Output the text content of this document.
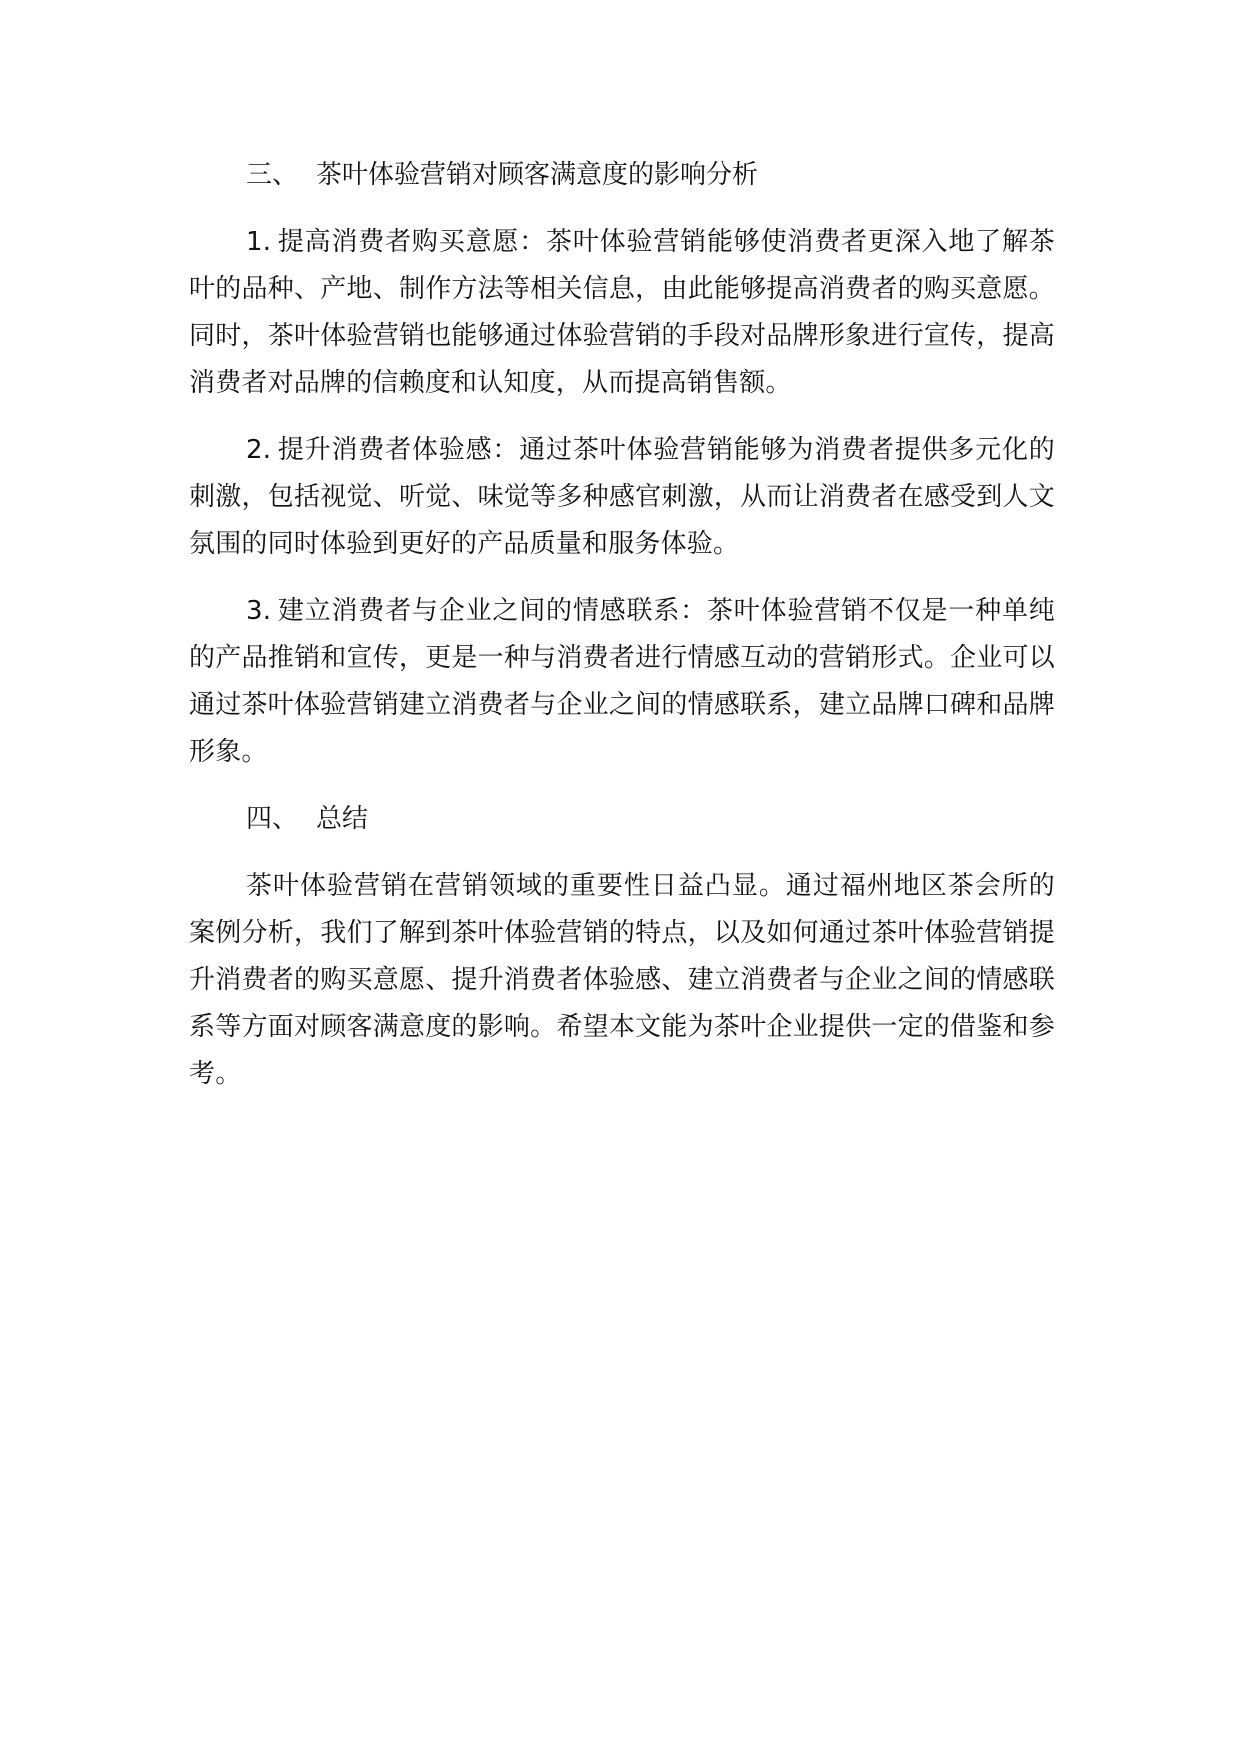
三、 茶叶体验营销对顾客满意度的影响分析

1. 提高消费者购买意愿：茶叶体验营销能够使消费者更深入地了解茶叶的品种、产地、制作方法等相关信息，由此能够提高消费者的购买意愿。同时，茶叶体验营销也能够通过体验营销的手段对品牌形象进行宣传，提高消费者对品牌的信赖度和认知度，从而提高销售额。

2. 提升消费者体验感：通过茶叶体验营销能够为消费者提供多元化的刺激，包括视觉、听觉、味觉等多种感官刺激，从而让消费者在感受到人文氛围的同时体验到更好的产品质量和服务体验。

3. 建立消费者与企业之间的情感联系：茶叶体验营销不仅是一种单纯的产品推销和宣传，更是一种与消费者进行情感互动的营销形式。企业可以通过茶叶体验营销建立消费者与企业之间的情感联系，建立品牌口碑和品牌形象。

四、 总结

茶叶体验营销在营销领域的重要性日益凸显。通过福州地区茶会所的案例分析，我们了解到茶叶体验营销的特点，以及如何通过茶叶体验营销提升消费者的购买意愿、提升消费者体验感、建立消费者与企业之间的情感联系等方面对顾客满意度的影响。希望本文能为茶叶企业提供一定的借鉴和参考。
